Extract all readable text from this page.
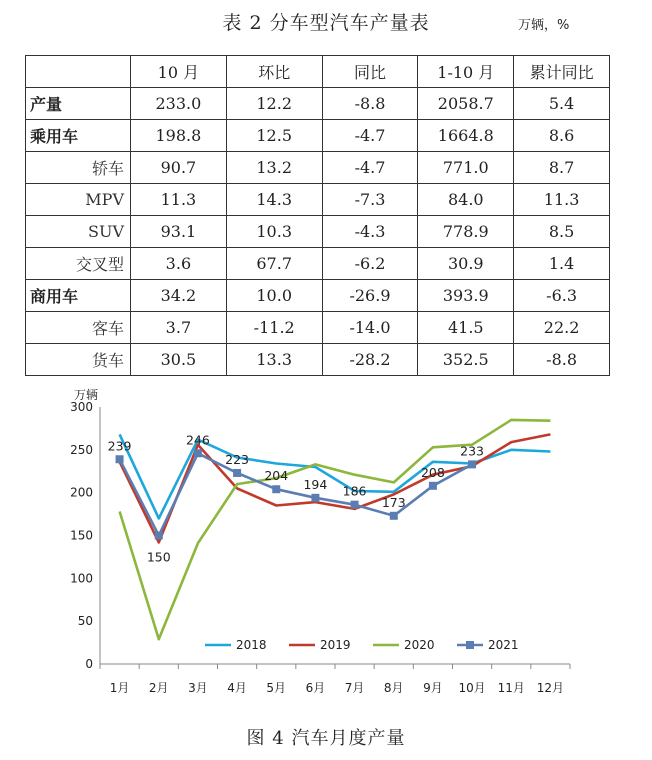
表 2 分车型汽车产量表	万辆，%
	10 月	环比	同比	1-10 月	累计同比
产量	233.0	12.2	-8.8	2058.7	5.4
乘用车	198.8	12.5	-4.7	1664.8	8.6
轿车	90.7	13.2	-4.7	771.0	8.7
MPV	11.3	14.3	-7.3	84.0	11.3
SUV	93.1	10.3	-4.3	778.9	8.5
交叉型	3.6	67.7	-6.2	30.9	1.4
商用车	34.2	10.0	-26.9	393.9	-6.3
客车	3.7	-11.2	-14.0	41.5	22.2
货车	30.5	13.3	-28.2	352.5	-8.8
万辆
0
50
100
150
200
250
300
1月 2月 3月 4月 5月 6月 7月 8月 9月 10月 11月 12月
239
150
246
223
204
194 186
173
208
233
2018	2019	2020	2021
图 4 汽车月度产量
